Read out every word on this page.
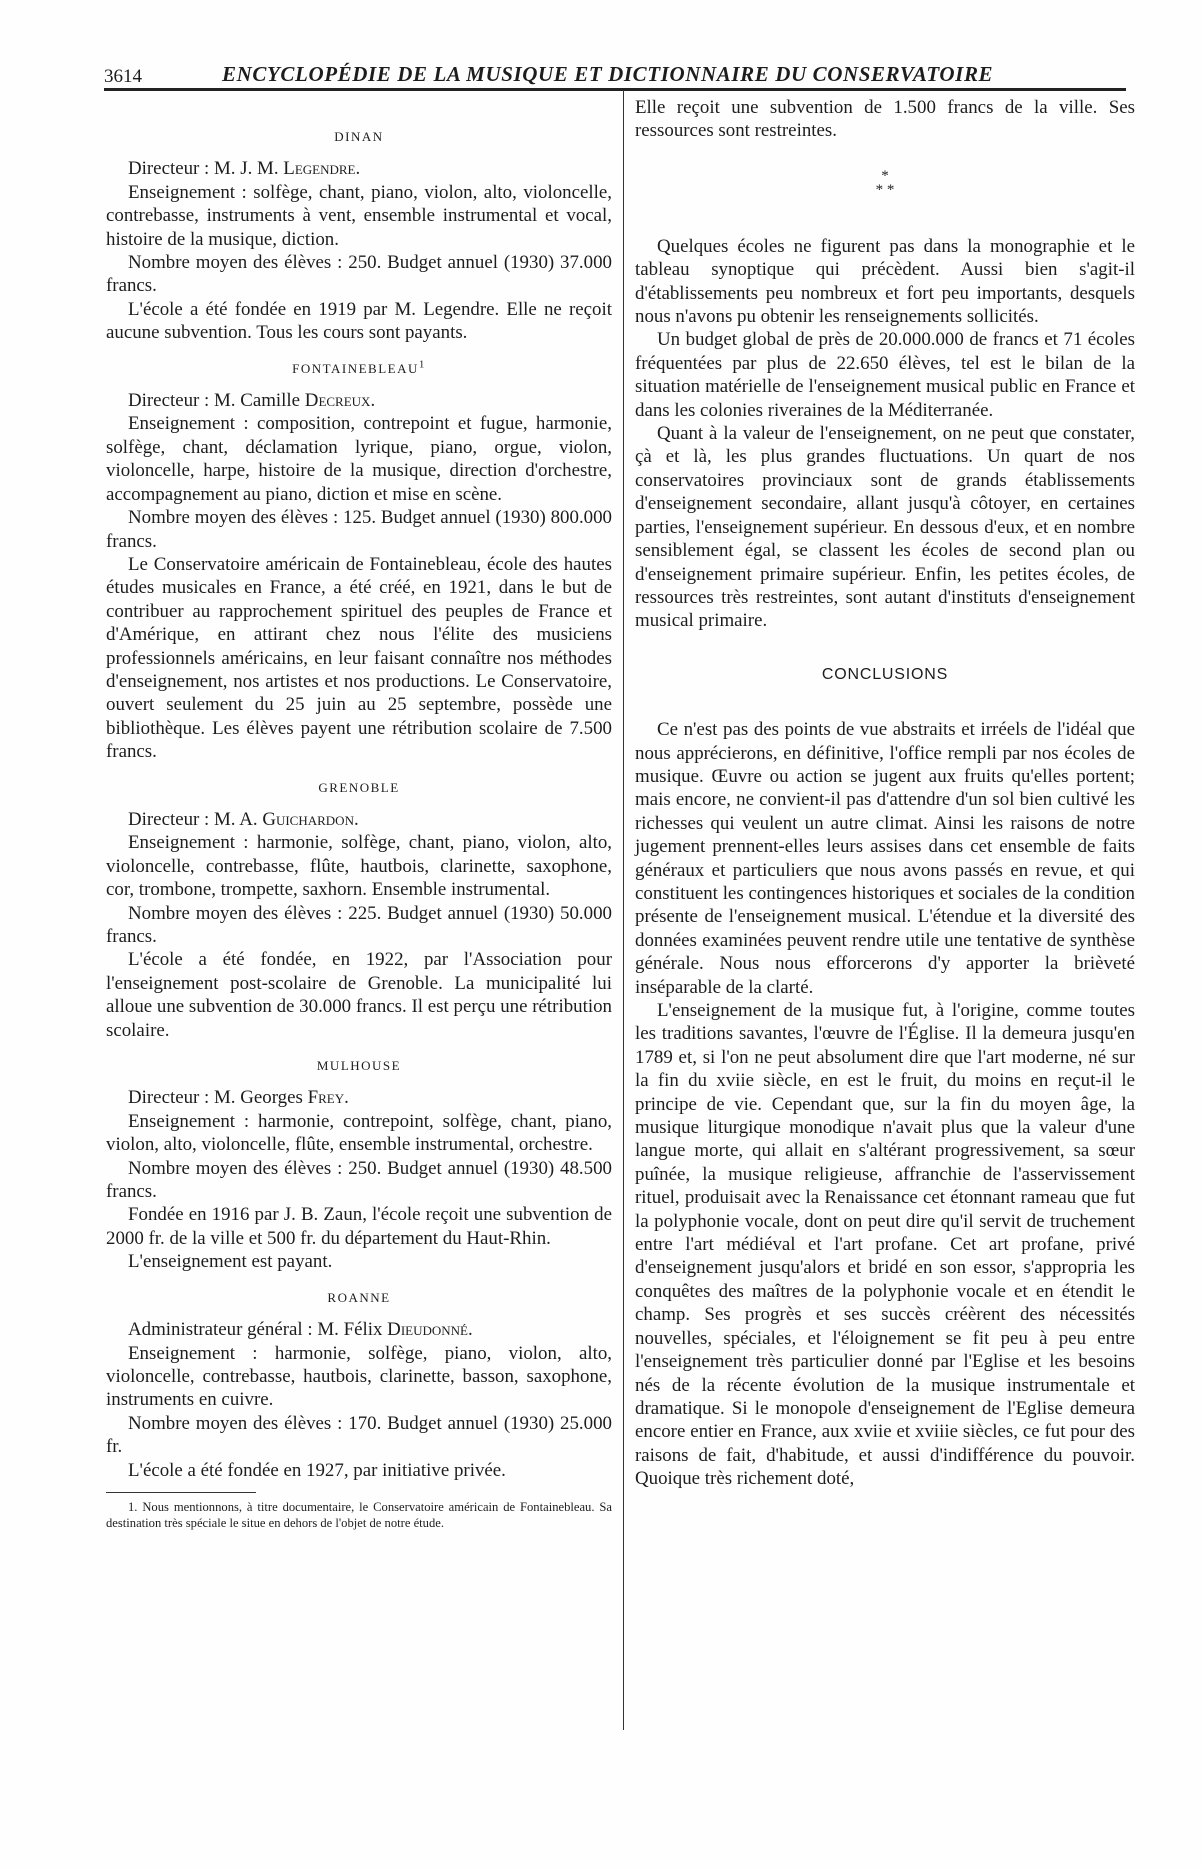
3614	ENCYCLOPÉDIE DE LA MUSIQUE ET DICTIONNAIRE DU CONSERVATOIRE
DINAN

Directeur : M. J. M. Legendre.

Enseignement : solfège, chant, piano, violon, alto, violoncelle, contrebasse, instruments à vent, ensemble instrumental et vocal, histoire de la musique, diction.

Nombre moyen des élèves : 250. Budget annuel (1930) 37.000 francs.

L'école a été fondée en 1919 par M. Legendre. Elle ne reçoit aucune subvention. Tous les cours sont payants.

FONTAINEBLEAU$^1$

Directeur : M. Camille Decreux.

Enseignement : composition, contrepoint et fugue, harmonie, solfège, chant, déclamation lyrique, piano, orgue, violon, violoncelle, harpe, histoire de la musique, direction d'orchestre, accompagnement au piano, diction et mise en scène.

Nombre moyen des élèves : 125. Budget annuel (1930) 800.000 francs.

Le Conservatoire américain de Fontainebleau, école des hautes études musicales en France, a été créé, en 1921, dans le but de contribuer au rapprochement spirituel des peuples de France et d'Amérique, en attirant chez nous l'élite des musiciens professionnels américains, en leur faisant connaître nos méthodes d'enseignement, nos artistes et nos productions. Le Conservatoire, ouvert seulement du 25 juin au 25 septembre, possède une bibliothèque. Les élèves payent une rétribution scolaire de 7.500 francs.

GRENOBLE

Directeur : M. A. Guichardon.

Enseignement : harmonie, solfège, chant, piano, violon, alto, violoncelle, contrebasse, flûte, hautbois, clarinette, saxophone, cor, trombone, trompette, saxhorn. Ensemble instrumental.

Nombre moyen des élèves : 225. Budget annuel (1930) 50.000 francs.

L'école a été fondée, en 1922, par l'Association pour l'enseignement post-scolaire de Grenoble. La municipalité lui alloue une subvention de 30.000 francs. Il est perçu une rétribution scolaire.

MULHOUSE

Directeur : M. Georges Frey.

Enseignement : harmonie, contrepoint, solfège, chant, piano, violon, alto, violoncelle, flûte, ensemble instrumental, orchestre.

Nombre moyen des élèves : 250. Budget annuel (1930) 48.500 francs.

Fondée en 1916 par J. B. Zaun, l'école reçoit une subvention de 2000 fr. de la ville et 500 fr. du département du Haut-Rhin.

L'enseignement est payant.

ROANNE

Administrateur général : M. Félix Dieudonné.

Enseignement : harmonie, solfège, piano, violon, alto, violoncelle, contrebasse, hautbois, clarinette, basson, saxophone, instruments en cuivre.

Nombre moyen des élèves : 170. Budget annuel (1930) 25.000 fr.

L'école a été fondée en 1927, par initiative privée.

1. Nous mentionnons, à titre documentaire, le Conservatoire américain de Fontainebleau. Sa destination très spéciale le situe en dehors de l'objet de notre étude.

Elle reçoit une subvention de 1.500 francs de la ville. Ses ressources sont restreintes.

*
* *

Quelques écoles ne figurent pas dans la monographie et le tableau synoptique qui précèdent. Aussi bien s'agit-il d'établissements peu nombreux et fort peu importants, desquels nous n'avons pu obtenir les renseignements sollicités.

Un budget global de près de 20.000.000 de francs et 71 écoles fréquentées par plus de 22.650 élèves, tel est le bilan de la situation matérielle de l'enseignement musical public en France et dans les colonies riveraines de la Méditerranée.

Quant à la valeur de l'enseignement, on ne peut que constater, çà et là, les plus grandes fluctuations. Un quart de nos conservatoires provinciaux sont de grands établissements d'enseignement secondaire, allant jusqu'à côtoyer, en certaines parties, l'enseignement supérieur. En dessous d'eux, et en nombre sensiblement égal, se classent les écoles de second plan ou d'enseignement primaire supérieur. Enfin, les petites écoles, de ressources très restreintes, sont autant d'instituts d'enseignement musical primaire.

CONCLUSIONS

Ce n'est pas des points de vue abstraits et irréels de l'idéal que nous apprécierons, en définitive, l'office rempli par nos écoles de musique. Œuvre ou action se jugent aux fruits qu'elles portent; mais encore, ne convient-il pas d'attendre d'un sol bien cultivé les richesses qui veulent un autre climat. Ainsi les raisons de notre jugement prennent-elles leurs assises dans cet ensemble de faits généraux et particuliers que nous avons passés en revue, et qui constituent les contingences historiques et sociales de la condition présente de l'enseignement musical. L'étendue et la diversité des données examinées peuvent rendre utile une tentative de synthèse générale. Nous nous efforcerons d'y apporter la brièveté inséparable de la clarté.

L'enseignement de la musique fut, à l'origine, comme toutes les traditions savantes, l'œuvre de l'Église. Il la demeura jusqu'en 1789 et, si l'on ne peut absolument dire que l'art moderne, né sur la fin du xviie siècle, en est le fruit, du moins en reçut-il le principe de vie. Cependant que, sur la fin du moyen âge, la musique liturgique monodique n'avait plus que la valeur d'une langue morte, qui allait en s'altérant progressivement, sa sœur puînée, la musique religieuse, affranchie de l'asservissement rituel, produisait avec la Renaissance cet étonnant rameau que fut la polyphonie vocale, dont on peut dire qu'il servit de truchement entre l'art médiéval et l'art profane. Cet art profane, privé d'enseignement jusqu'alors et bridé en son essor, s'appropria les conquêtes des maîtres de la polyphonie vocale et en étendit le champ. Ses progrès et ses succès créèrent des nécessités nouvelles, spéciales, et l'éloignement se fit peu à peu entre l'enseignement très particulier donné par l'Eglise et les besoins nés de la récente évolution de la musique instrumentale et dramatique. Si le monopole d'enseignement de l'Eglise demeura encore entier en France, aux xviie et xviiie siècles, ce fut pour des raisons de fait, d'habitude, et aussi d'indifférence du pouvoir. Quoique très richement doté,
